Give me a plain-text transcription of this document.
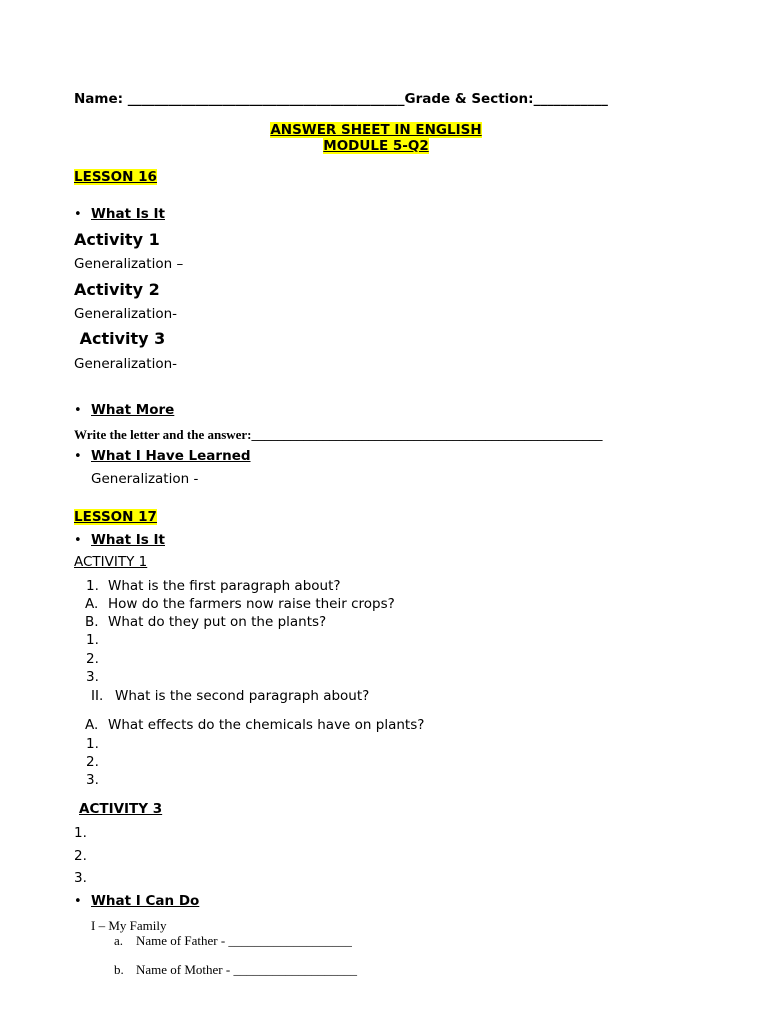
Name: _________________________________________Grade & Section:___________
ANSWER SHEET IN ENGLISH
MODULE 5-Q2
LESSON 16
• What Is It
Activity 1
Generalization –
Activity 2
Generalization-
Activity 3
Generalization-
• What More
Write the letter and the answer:______________________________________________________
• What I Have Learned
Generalization -
LESSON 17
• What Is It
ACTIVITY 1
1. What is the first paragraph about?
A. How do the farmers now raise their crops?
B. What do they put on the plants?
1.
2.
3.
II. What is the second paragraph about?
A. What effects do the chemicals have on plants?
1.
2.
3.
ACTIVITY 3
1.
2.
3.
• What I Can Do
I – My Family
a. Name of Father - ___________________
b. Name of Mother - ___________________
